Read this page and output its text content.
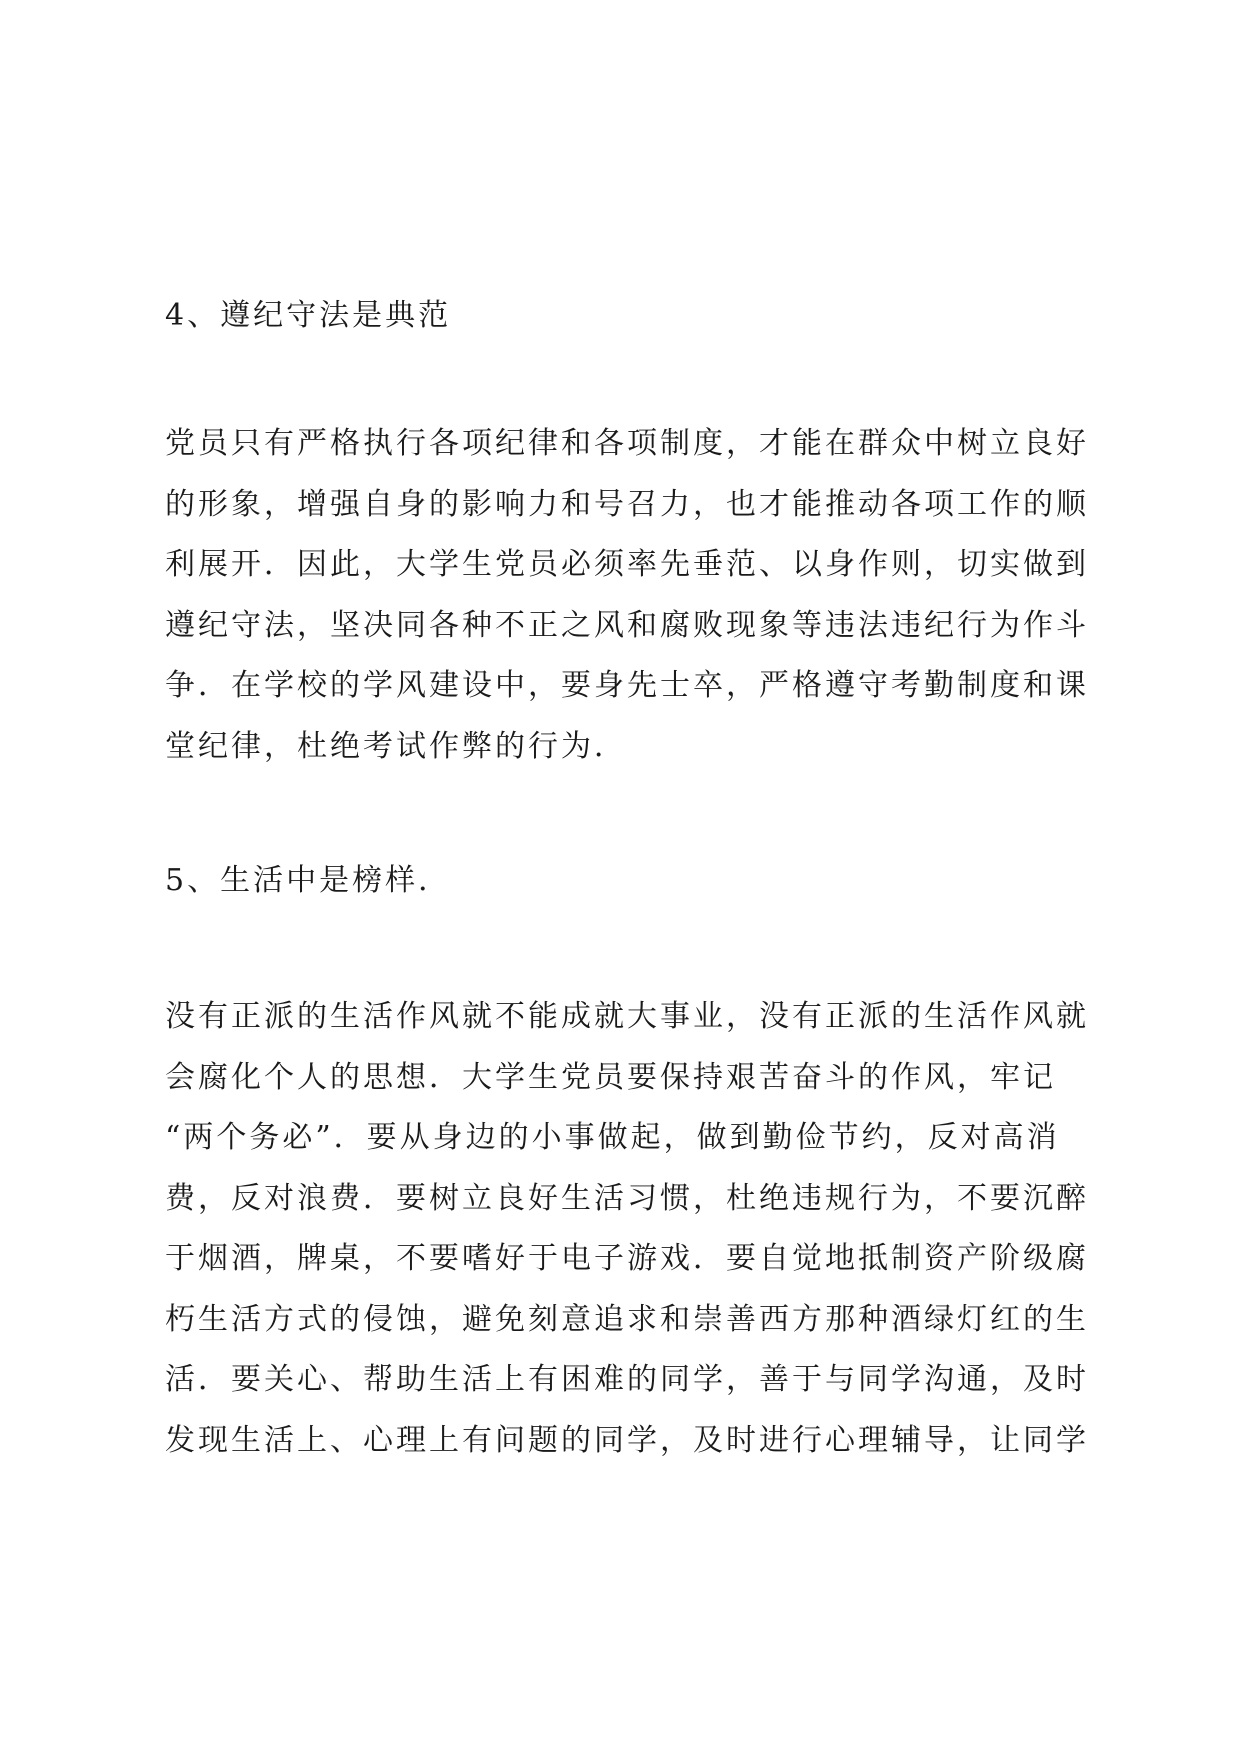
4、遵纪守法是典范

党员只有严格执行各项纪律和各项制度，才能在群众中树立良好
的形象，增强自身的影响力和号召力，也才能推动各项工作的顺
利展开．因此，大学生党员必须率先垂范、以身作则，切实做到
遵纪守法，坚决同各种不正之风和腐败现象等违法违纪行为作斗
争．在学校的学风建设中，要身先士卒，严格遵守考勤制度和课
堂纪律，杜绝考试作弊的行为．

5、生活中是榜样．

没有正派的生活作风就不能成就大事业，没有正派的生活作风就
会腐化个人的思想．大学生党员要保持艰苦奋斗的作风，牢记
“两个务必”．要从身边的小事做起，做到勤俭节约，反对高消
费，反对浪费．要树立良好生活习惯，杜绝违规行为，不要沉醉
于烟酒，牌桌，不要嗜好于电子游戏．要自觉地抵制资产阶级腐
朽生活方式的侵蚀，避免刻意追求和崇善西方那种酒绿灯红的生
活．要关心、帮助生活上有困难的同学，善于与同学沟通，及时
发现生活上、心理上有问题的同学，及时进行心理辅导，让同学
